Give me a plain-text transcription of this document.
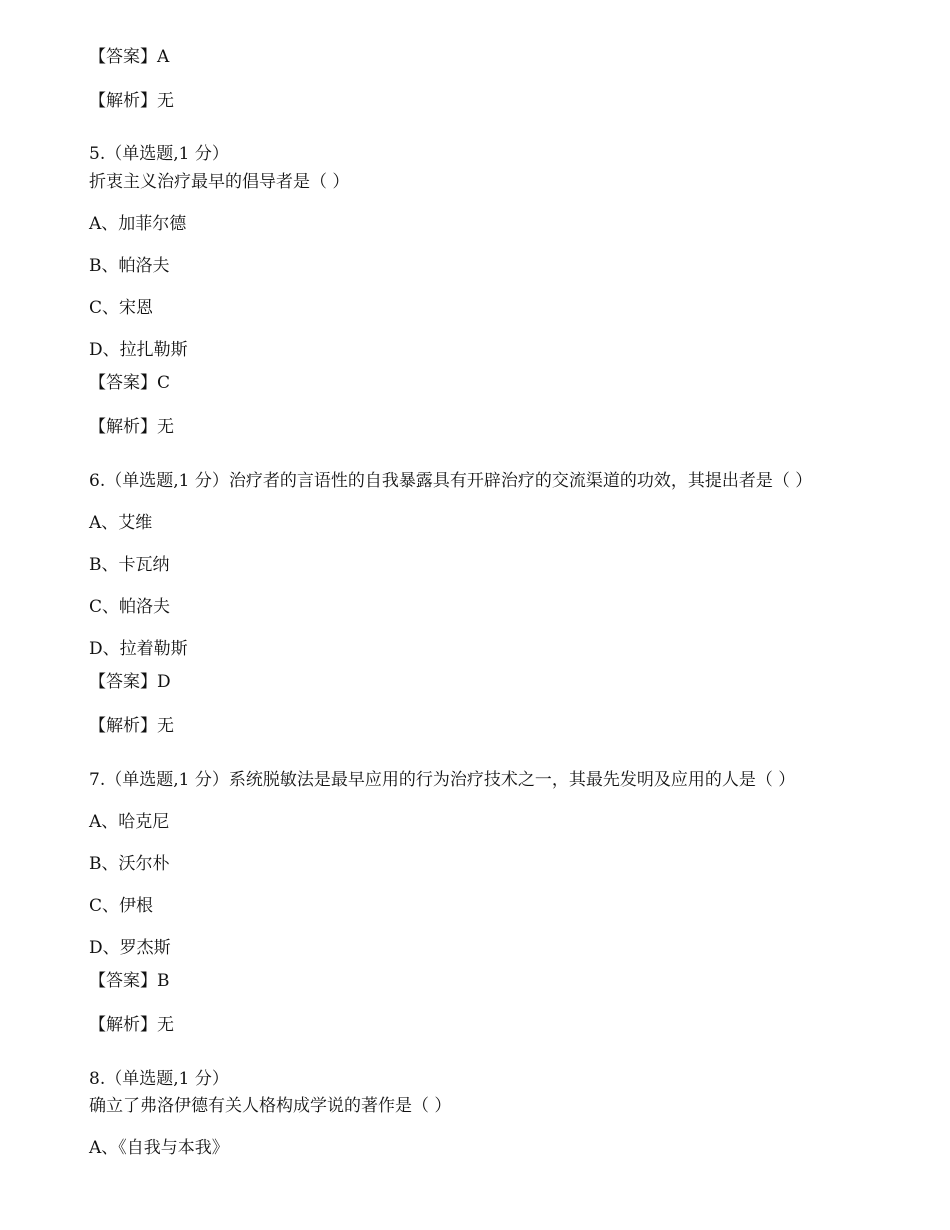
【答案】A
【解析】无
5.（单选题,1 分）
折衷主义治疗最早的倡导者是（ ）
A、加菲尔德
B、帕洛夫
C、宋恩
D、拉扎勒斯
【答案】C
【解析】无
6.（单选题,1 分）治疗者的言语性的自我暴露具有开辟治疗的交流渠道的功效，其提出者是（ ）
A、艾维
B、卡瓦纳
C、帕洛夫
D、拉着勒斯
【答案】D
【解析】无
7.（单选题,1 分）系统脱敏法是最早应用的行为治疗技术之一，其最先发明及应用的人是（ ）
A、哈克尼
B、沃尔朴
C、伊根
D、罗杰斯
【答案】B
【解析】无
8.（单选题,1 分）
确立了弗洛伊德有关人格构成学说的著作是（ ）
A、《自我与本我》
